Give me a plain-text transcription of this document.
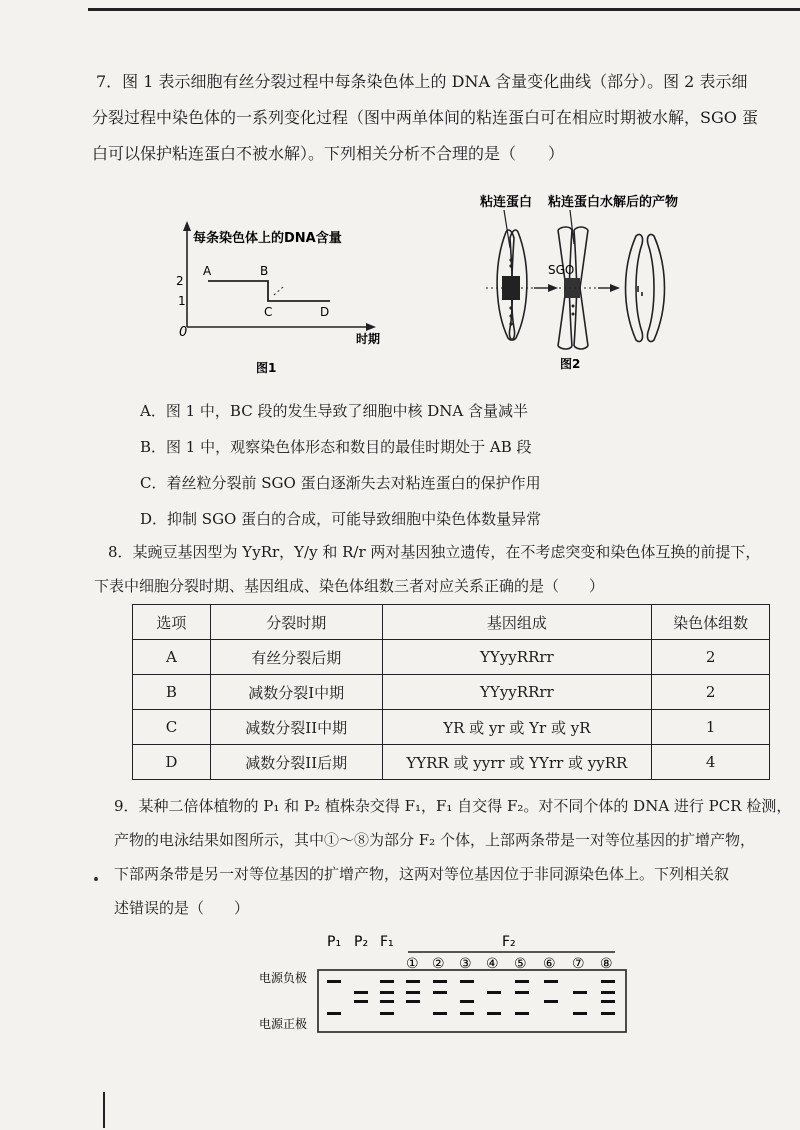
7．图 1 表示细胞有丝分裂过程中每条染色体上的 DNA 含量变化曲线（部分）。图 2 表示细

分裂过程中染色体的一系列变化过程（图中两单体间的粘连蛋白可在相应时期被水解，SGO 蛋

白可以保护粘连蛋白不被水解）。下列相关分析不合理的是（　　）

每条染色体上的DNA含量
时期
0
2
1
A	B
C	D
图1
粘连蛋白 粘连蛋白水解后的产物
SGO
图2
A．图 1 中，BC 段的发生导致了细胞中核 DNA 含量减半
B．图 1 中，观察染色体形态和数目的最佳时期处于 AB 段
C．着丝粒分裂前 SGO 蛋白逐渐失去对粘连蛋白的保护作用
D．抑制 SGO 蛋白的合成，可能导致细胞中染色体数量异常

8．某豌豆基因型为 YyRr，Y/y 和 R/r 两对基因独立遗传，在不考虑突变和染色体互换的前提下，

下表中细胞分裂时期、基因组成、染色体组数三者对应关系正确的是（　　）

选项	分裂时期	基因组成	染色体组数
A	有丝分裂后期	YYyyRRrr	2
B	减数分裂I中期	YYyyRRrr	2
C	减数分裂II中期	YR 或 yr 或 Yr 或 yR	1
D	减数分裂II后期	YYRR 或 yyrr 或 YYrr 或 yyRR	4

9．某种二倍体植物的 P₁ 和 P₂ 植株杂交得 F₁，F₁ 自交得 F₂。对不同个体的 DNA 进行 PCR 检测，

产物的电泳结果如图所示，其中①～⑧为部分 F₂ 个体，上部两条带是一对等位基因的扩增产物，

下部两条带是另一对等位基因的扩增产物，这两对等位基因位于非同源染色体上。下列相关叙

述错误的是（　　）

P₁ P₂ F₁	F₂
① ② ③ ④ ⑤ ⑥ ⑦ ⑧
电源负极
电源正极
